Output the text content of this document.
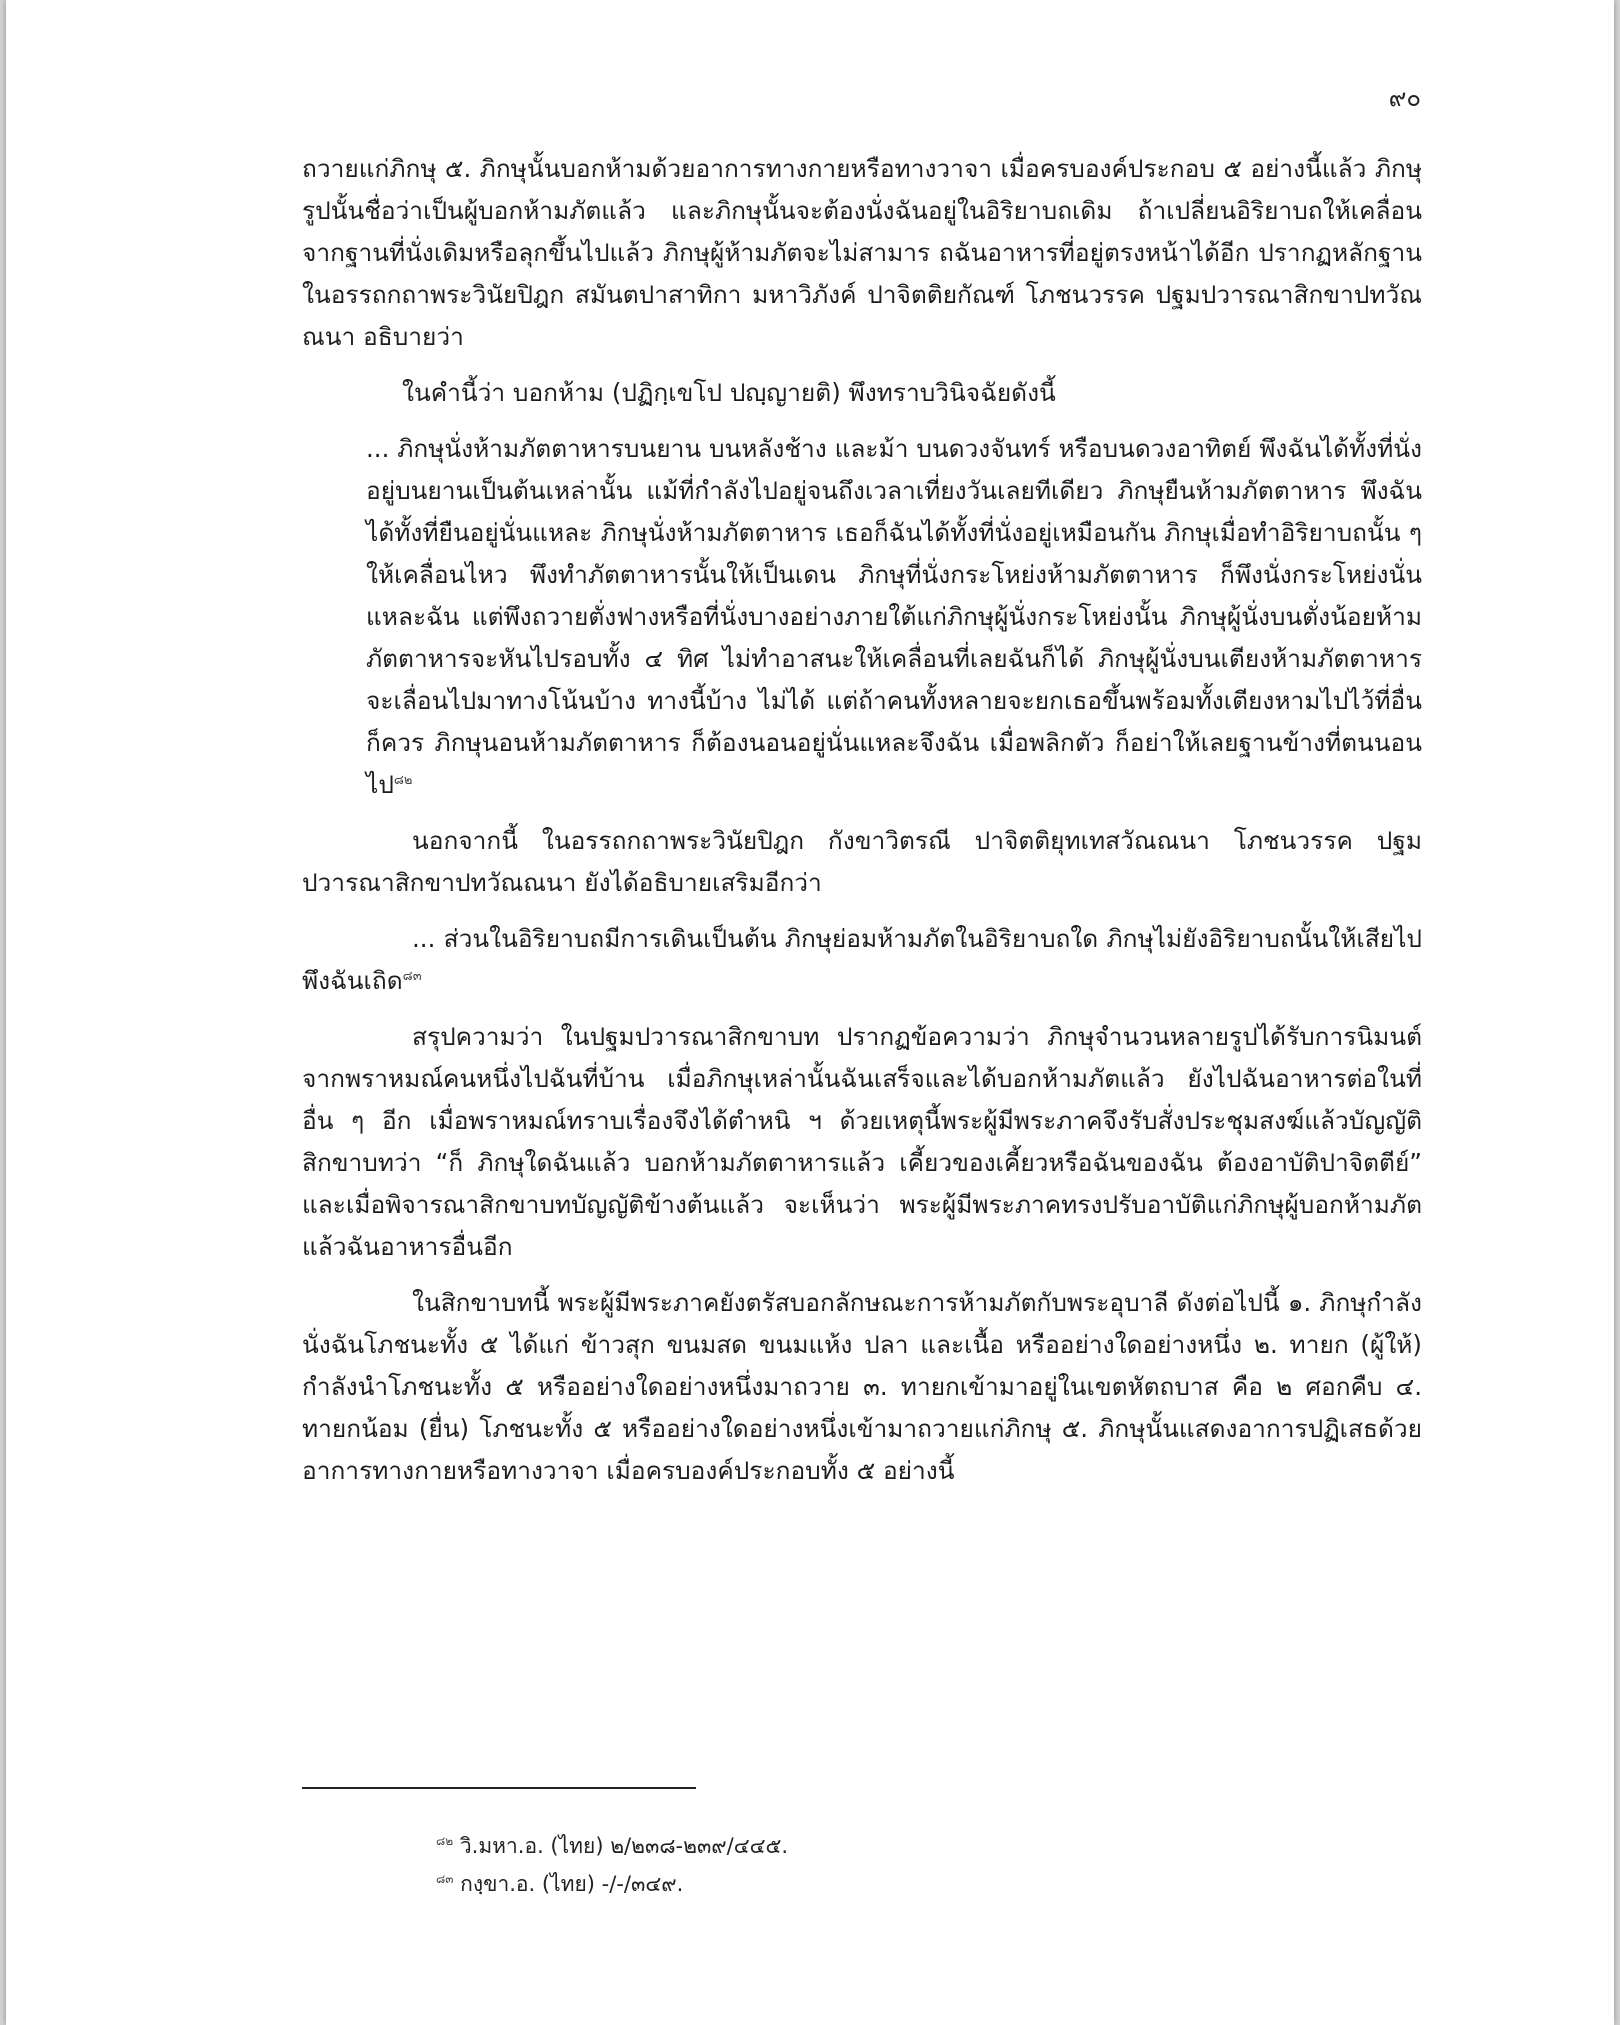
๙๐

ถวายแก่ภิกษุ ๕. ภิกษุนั้นบอกห้ามด้วยอาการทางกายหรือทางวาจา เมื่อครบองค์ประกอบ ๕ อย่างนี้แล้ว ภิกษุรูปนั้นชื่อว่าเป็นผู้บอกห้ามภัตแล้ว และภิกษุนั้นจะต้องนั่งฉันอยู่ในอิริยาบถเดิม ถ้าเปลี่ยนอิริยาบถให้เคลื่อนจากฐานที่นั่งเดิมหรือลุกขึ้นไปแล้ว ภิกษุผู้ห้ามภัตจะไม่สามาร ถฉันอาหารที่อยู่ตรงหน้าได้อีก ปรากฏหลักฐานในอรรถกถาพระวินัยปิฎก สมันตปาสาทิกา มหาวิภังค์ ปาจิตติยกัณฑ์ โภชนวรรค ปฐมปวารณาสิกขาปทวัณณนา อธิบายว่า

ในคำนี้ว่า บอกห้าม (ปฏิกฺเขโป ปญฺญายติ) พึงทราบวินิจฉัยดังนี้

... ภิกษุนั่งห้ามภัตตาหารบนยาน บนหลังช้าง และม้า บนดวงจันทร์ หรือบนดวงอาทิตย์ พึงฉันได้ทั้งที่นั่งอยู่บนยานเป็นต้นเหล่านั้น แม้ที่กำลังไปอยู่จนถึงเวลาเที่ยงวันเลยทีเดียว ภิกษุยืนห้ามภัตตาหาร พึงฉันได้ทั้งที่ยืนอยู่นั่นแหละ ภิกษุนั่งห้ามภัตตาหาร เธอก็ฉันได้ทั้งที่นั่งอยู่เหมือนกัน ภิกษุเมื่อทำอิริยาบถนั้น ๆ ให้เคลื่อนไหว พึงทำภัตตาหารนั้นให้เป็นเดน ภิกษุที่นั่งกระโหย่งห้ามภัตตาหาร ก็พึงนั่งกระโหย่งนั่นแหละฉัน แต่พึงถวายตั่งฟางหรือที่นั่งบางอย่างภายใต้แก่ภิกษุผู้นั่งกระโหย่งนั้น ภิกษุผู้นั่งบนตั่งน้อยห้ามภัตตาหารจะหันไปรอบทั้ง ๔ ทิศ ไม่ทำอาสนะให้เคลื่อนที่เลยฉันก็ได้ ภิกษุผู้นั่งบนเตียงห้ามภัตตาหารจะเลื่อนไปมาทางโน้นบ้าง ทางนี้บ้าง ไม่ได้ แต่ถ้าคนทั้งหลายจะยกเธอขึ้นพร้อมทั้งเตียงหามไปไว้ที่อื่นก็ควร ภิกษุนอนห้ามภัตตาหาร ก็ต้องนอนอยู่นั่นแหละจึงฉัน เมื่อพลิกตัว ก็อย่าให้เลยฐานข้างที่ตนนอนไป$^{๘๒}$

นอกจากนี้ ในอรรถกถาพระวินัยปิฎก กังขาวิตรณี ปาจิตติยุทเทสวัณณนา โภชนวรรค ปฐมปวารณาสิกขาปทวัณณนา ยังได้อธิบายเสริมอีกว่า

... ส่วนในอิริยาบถมีการเดินเป็นต้น ภิกษุย่อมห้ามภัตในอิริยาบถใด ภิกษุไม่ยังอิริยาบถนั้นให้เสียไป พึงฉันเถิด$^{๘๓}$

สรุปความว่า ในปฐมปวารณาสิกขาบท ปรากฏข้อความว่า ภิกษุจำนวนหลายรูปได้รับการนิมนต์จากพราหมณ์คนหนึ่งไปฉันที่บ้าน เมื่อภิกษุเหล่านั้นฉันเสร็จและได้บอกห้ามภัตแล้ว ยังไปฉันอาหารต่อในที่อื่น ๆ อีก เมื่อพราหมณ์ทราบเรื่องจึงได้ตำหนิ ฯ ด้วยเหตุนี้พระผู้มีพระภาคจึงรับสั่งประชุมสงฆ์แล้วบัญญัติสิกขาบทว่า “ก็ ภิกษุใดฉันแล้ว บอกห้ามภัตตาหารแล้ว เคี้ยวของเคี้ยวหรือฉันของฉัน ต้องอาบัติปาจิตตีย์” และเมื่อพิจารณาสิกขาบทบัญญัติข้างต้นแล้ว จะเห็นว่า พระผู้มีพระภาคทรงปรับอาบัติแก่ภิกษุผู้บอกห้ามภัตแล้วฉันอาหารอื่นอีก

ในสิกขาบทนี้ พระผู้มีพระภาคยังตรัสบอกลักษณะการห้ามภัตกับพระอุบาลี ดังต่อไปนี้ ๑. ภิกษุกำลังนั่งฉันโภชนะทั้ง ๕ ได้แก่ ข้าวสุก ขนมสด ขนมแห้ง ปลา และเนื้อ หรืออย่างใดอย่างหนึ่ง ๒. ทายก (ผู้ให้) กำลังนำโภชนะทั้ง ๕ หรืออย่างใดอย่างหนึ่งมาถวาย ๓. ทายกเข้ามาอยู่ในเขตหัตถบาส คือ ๒ ศอกคืบ ๔. ทายกน้อม (ยื่น) โภชนะทั้ง ๕ หรืออย่างใดอย่างหนึ่งเข้ามาถวายแก่ภิกษุ ๕. ภิกษุนั้นแสดงอาการปฏิเสธด้วยอาการทางกายหรือทางวาจา เมื่อครบองค์ประกอบทั้ง ๕ อย่างนี้

$^{๘๒}$ วิ.มหา.อ. (ไทย) ๒/๒๓๘-๒๓๙/๔๔๕.
$^{๘๓}$ กงฺขา.อ. (ไทย) -/-/๓๔๙.
